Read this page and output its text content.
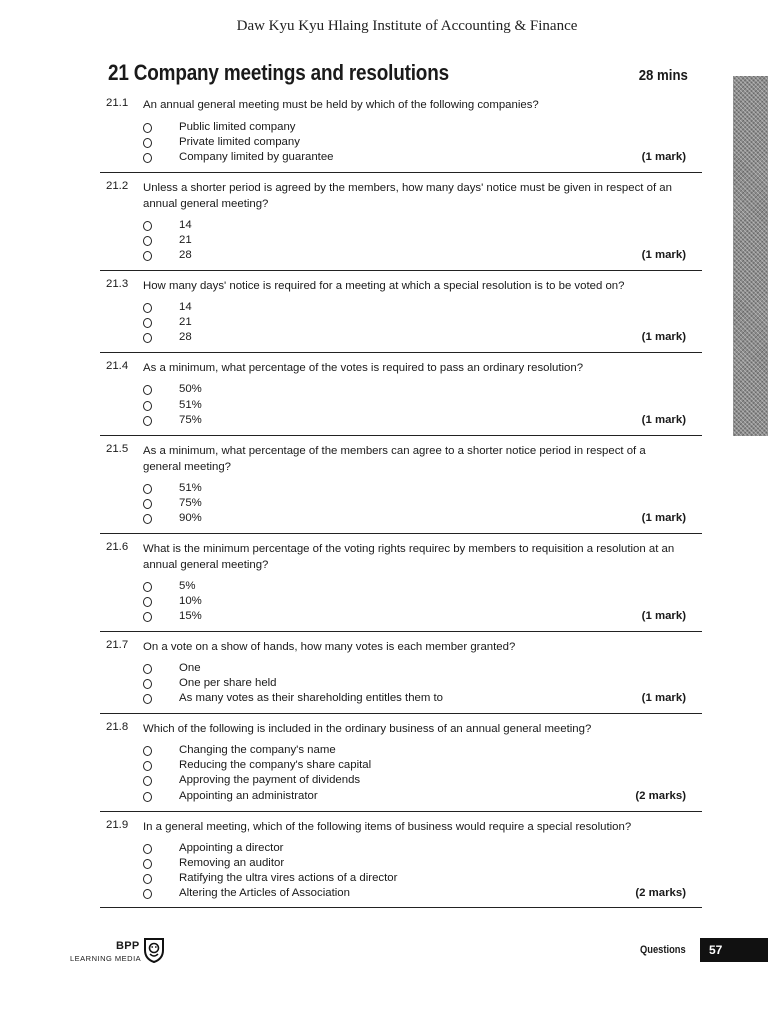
Daw Kyu Kyu Hlaing Institute of Accounting & Finance
21 Company meetings and resolutions	28 mins
21.1 An annual general meeting must be held by which of the following companies?
Public limited company
Private limited company
Company limited by guarantee	(1 mark)
21.2 Unless a shorter period is agreed by the members, how many days' notice must be given in respect of an annual general meeting?
14
21
28	(1 mark)
21.3 How many days' notice is required for a meeting at which a special resolution is to be voted on?
14
21
28	(1 mark)
21.4 As a minimum, what percentage of the votes is required to pass an ordinary resolution?
50%
51%
75%	(1 mark)
21.5 As a minimum, what percentage of the members can agree to a shorter notice period in respect of a general meeting?
51%
75%
90%	(1 mark)
21.6 What is the minimum percentage of the voting rights requirec by members to requisition a resolution at an annual general meeting?
5%
10%
15%	(1 mark)
21.7 On a vote on a show of hands, how many votes is each member granted?
One
One per share held
As many votes as their shareholding entitles them to	(1 mark)
21.8 Which of the following is included in the ordinary business of an annual general meeting?
Changing the company's name
Reducing the company's share capital
Approving the payment of dividends
Appointing an administrator	(2 marks)
21.9 In a general meeting, which of the following items of business would require a special resolution?
Appointing a director
Removing an auditor
Ratifying the ultra vires actions of a director
Altering the Articles of Association	(2 marks)
BPP
LEARNING MEDIA
Questions	57
